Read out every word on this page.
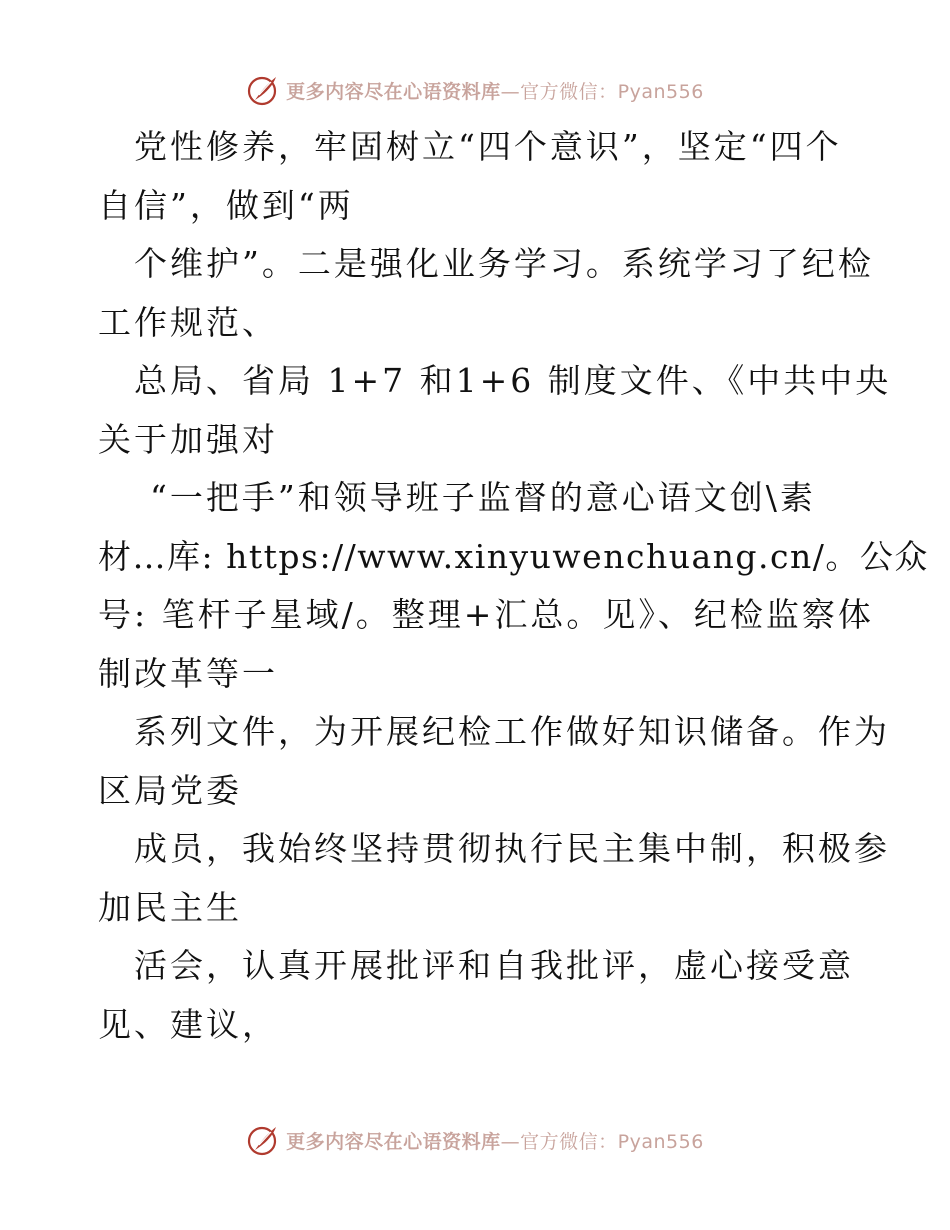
更多内容尽在心语资料库—官方微信：Pyan556
党性修养，牢固树立“四个意识”，坚定“四个
自信”，做到“两
个维护”。二是强化业务学习。系统学习了纪检
工作规范、
总局、省局 1+7 和1+6 制度文件、《中共中央
关于加强对
“一把手”和领导班子监督的意心语文创\素
材…库: https://www.xinyuwenchuang.cn/。公众
号: 笔杆子星域/。整理+汇总。见》、纪检监察体
制改革等一
系列文件，为开展纪检工作做好知识储备。作为
区局党委
成员，我始终坚持贯彻执行民主集中制，积极参
加民主生
活会，认真开展批评和自我批评，虚心接受意
见、建议，
更多内容尽在心语资料库—官方微信：Pyan556
